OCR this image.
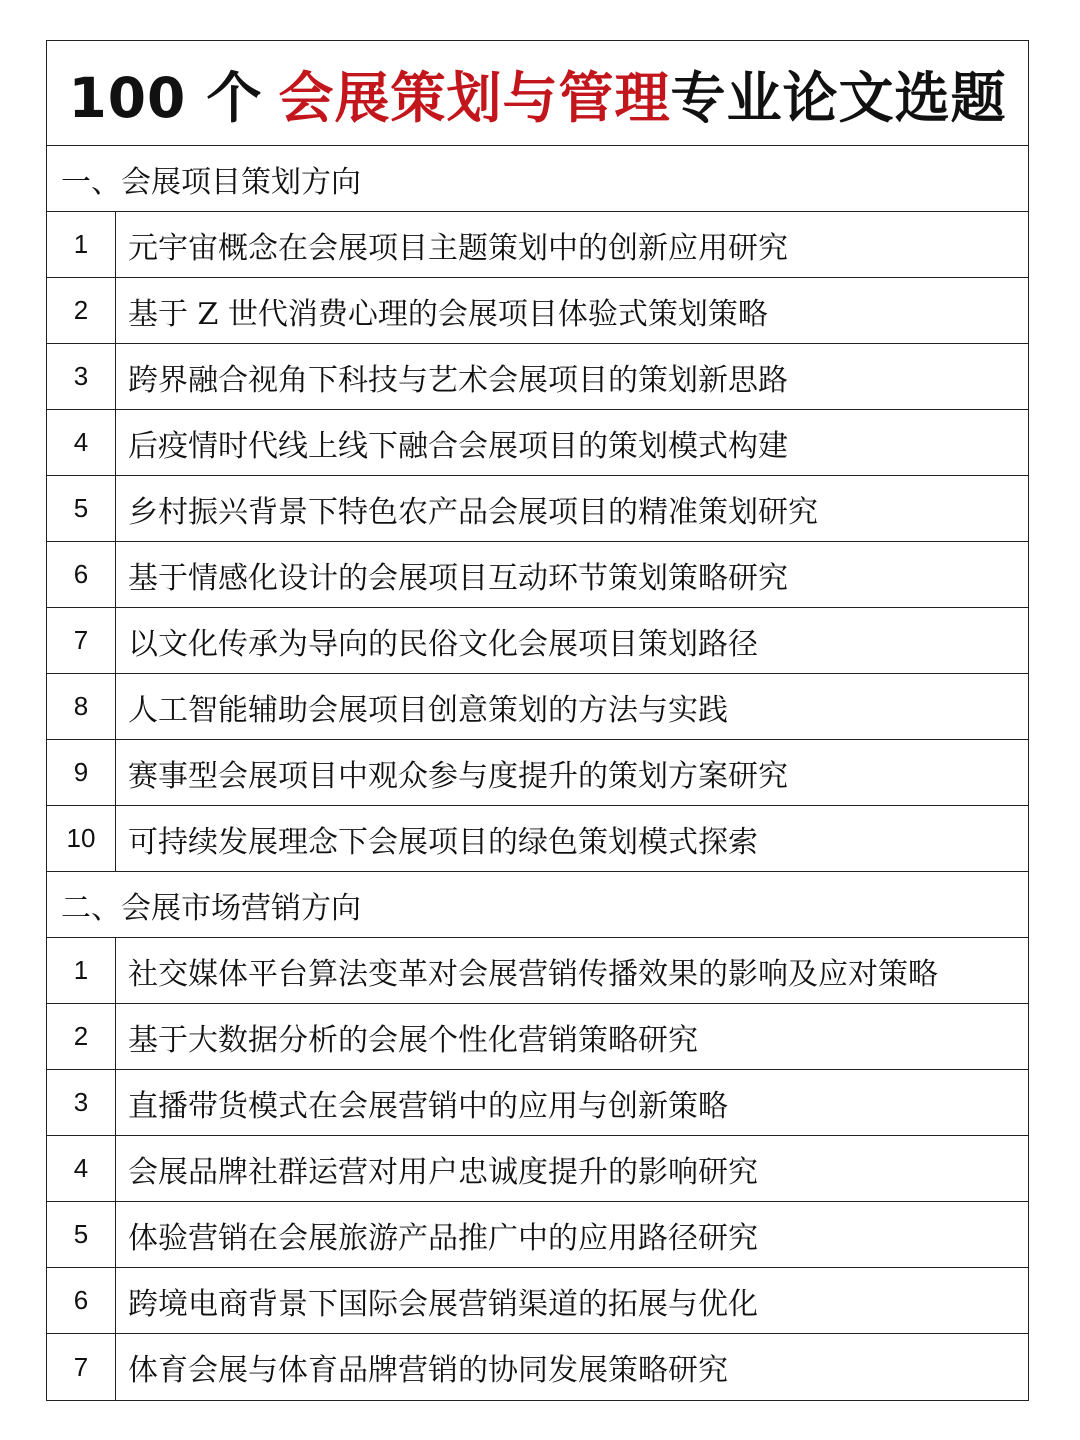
100 个 会展策划与管理 专业论文选题
一、会展项目策划方向
1	元宇宙概念在会展项目主题策划中的创新应用研究
2	基于 Z 世代消费心理的会展项目体验式策划策略
3	跨界融合视角下科技与艺术会展项目的策划新思路
4	后疫情时代线上线下融合会展项目的策划模式构建
5	乡村振兴背景下特色农产品会展项目的精准策划研究
6	基于情感化设计的会展项目互动环节策划策略研究
7	以文化传承为导向的民俗文化会展项目策划路径
8	人工智能辅助会展项目创意策划的方法与实践
9	赛事型会展项目中观众参与度提升的策划方案研究
10	可持续发展理念下会展项目的绿色策划模式探索
二、会展市场营销方向
1	社交媒体平台算法变革对会展营销传播效果的影响及应对策略
2	基于大数据分析的会展个性化营销策略研究
3	直播带货模式在会展营销中的应用与创新策略
4	会展品牌社群运营对用户忠诚度提升的影响研究
5	体验营销在会展旅游产品推广中的应用路径研究
6	跨境电商背景下国际会展营销渠道的拓展与优化
7	体育会展与体育品牌营销的协同发展策略研究
